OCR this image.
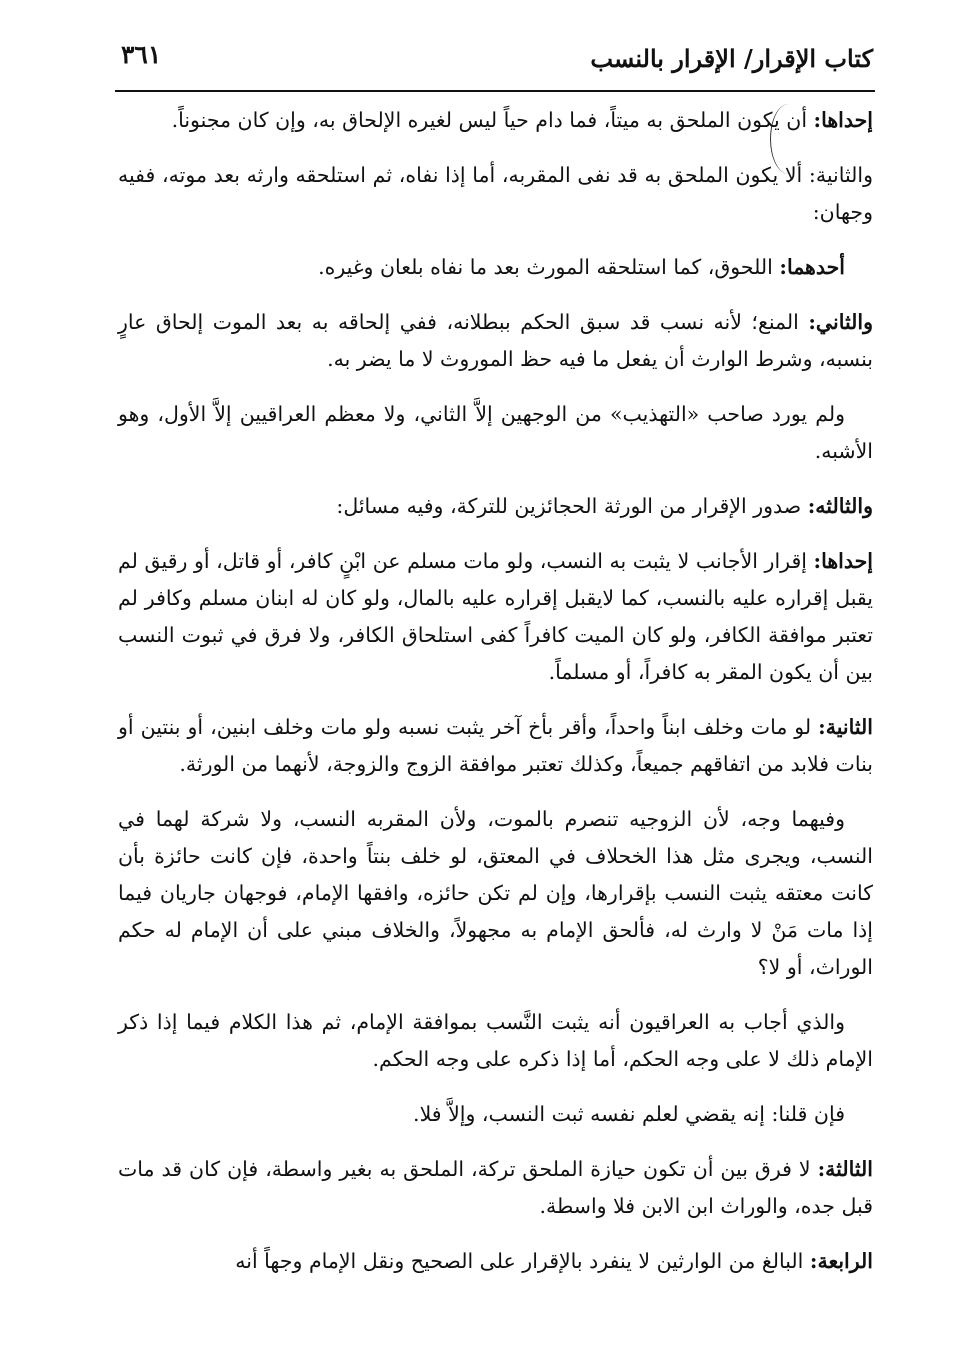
كتاب الإقرار/ الإقرار بالنسب
٣٦١

إحداها: أن يكون الملحق به ميتاً، فما دام حياً ليس لغيره الإلحاق به، وإن كان مجنوناً.

والثانية: ألا يكون الملحق به قد نفى المقربه، أما إذا نفاه، ثم استلحقه وارثه بعد موته، ففيه وجهان:

أحدهما: اللحوق، كما استلحقه المورث بعد ما نفاه بلعان وغيره.

والثاني: المنع؛ لأنه نسب قد سبق الحكم ببطلانه، ففي إلحاقه به بعد الموت إلحاق عارٍ بنسبه، وشرط الوارث أن يفعل ما فيه حظ الموروث لا ما يضر به.

ولم يورد صاحب «التهذيب» من الوجهين إلاَّ الثاني، ولا معظم العراقيين إلاَّ الأول، وهو الأشبه.

والثالثه: صدور الإقرار من الورثة الحجائزين للتركة، وفيه مسائل:

إحداها: إقرار الأجانب لا يثبت به النسب، ولو مات مسلم عن ابْنٍ كافر، أو قاتل، أو رقيق لم يقبل إقراره عليه بالنسب، كما لايقبل إقراره عليه بالمال، ولو كان له ابنان مسلم وكافر لم تعتبر موافقة الكافر، ولو كان الميت كافراً كفى استلحاق الكافر، ولا فرق في ثبوت النسب بين أن يكون المقر به كافراً، أو مسلماً.

الثانية: لو مات وخلف ابناً واحداً، وأقر بأخ آخر يثبت نسبه ولو مات وخلف ابنين، أو بنتين أو بنات فلابد من اتفاقهم جميعاً، وكذلك تعتبر موافقة الزوج والزوجة، لأنهما من الورثة.

وفيهما وجه، لأن الزوجيه تنصرم بالموت، ولأن المقربه النسب، ولا شركة لهما في النسب، ويجرى مثل هذا الخحلاف في المعتق، لو خلف بنتاً واحدة، فإن كانت حائزة بأن كانت معتقه يثبت النسب بإقرارها، وإن لم تكن حائزه، وافقها الإمام، فوجهان جاريان فيما إذا مات مَنْ لا وارث له، فألحق الإمام به مجهولاً، والخلاف مبني على أن الإمام له حكم الوراث، أو لا؟

والذي أجاب به العراقيون أنه يثبت النَّسب بموافقة الإمام، ثم هذا الكلام فيما إذا ذكر الإمام ذلك لا على وجه الحكم، أما إذا ذكره على وجه الحكم.

فإن قلنا: إنه يقضي لعلم نفسه ثبت النسب، وإلاَّ فلا.

الثالثة: لا فرق بين أن تكون حيازة الملحق تركة، الملحق به بغير واسطة، فإن كان قد مات قبل جده، والوراث ابن الابن فلا واسطة.

الرابعة: البالغ من الوارثين لا ينفرد بالإقرار على الصحيح ونقل الإمام وجهاً أنه
